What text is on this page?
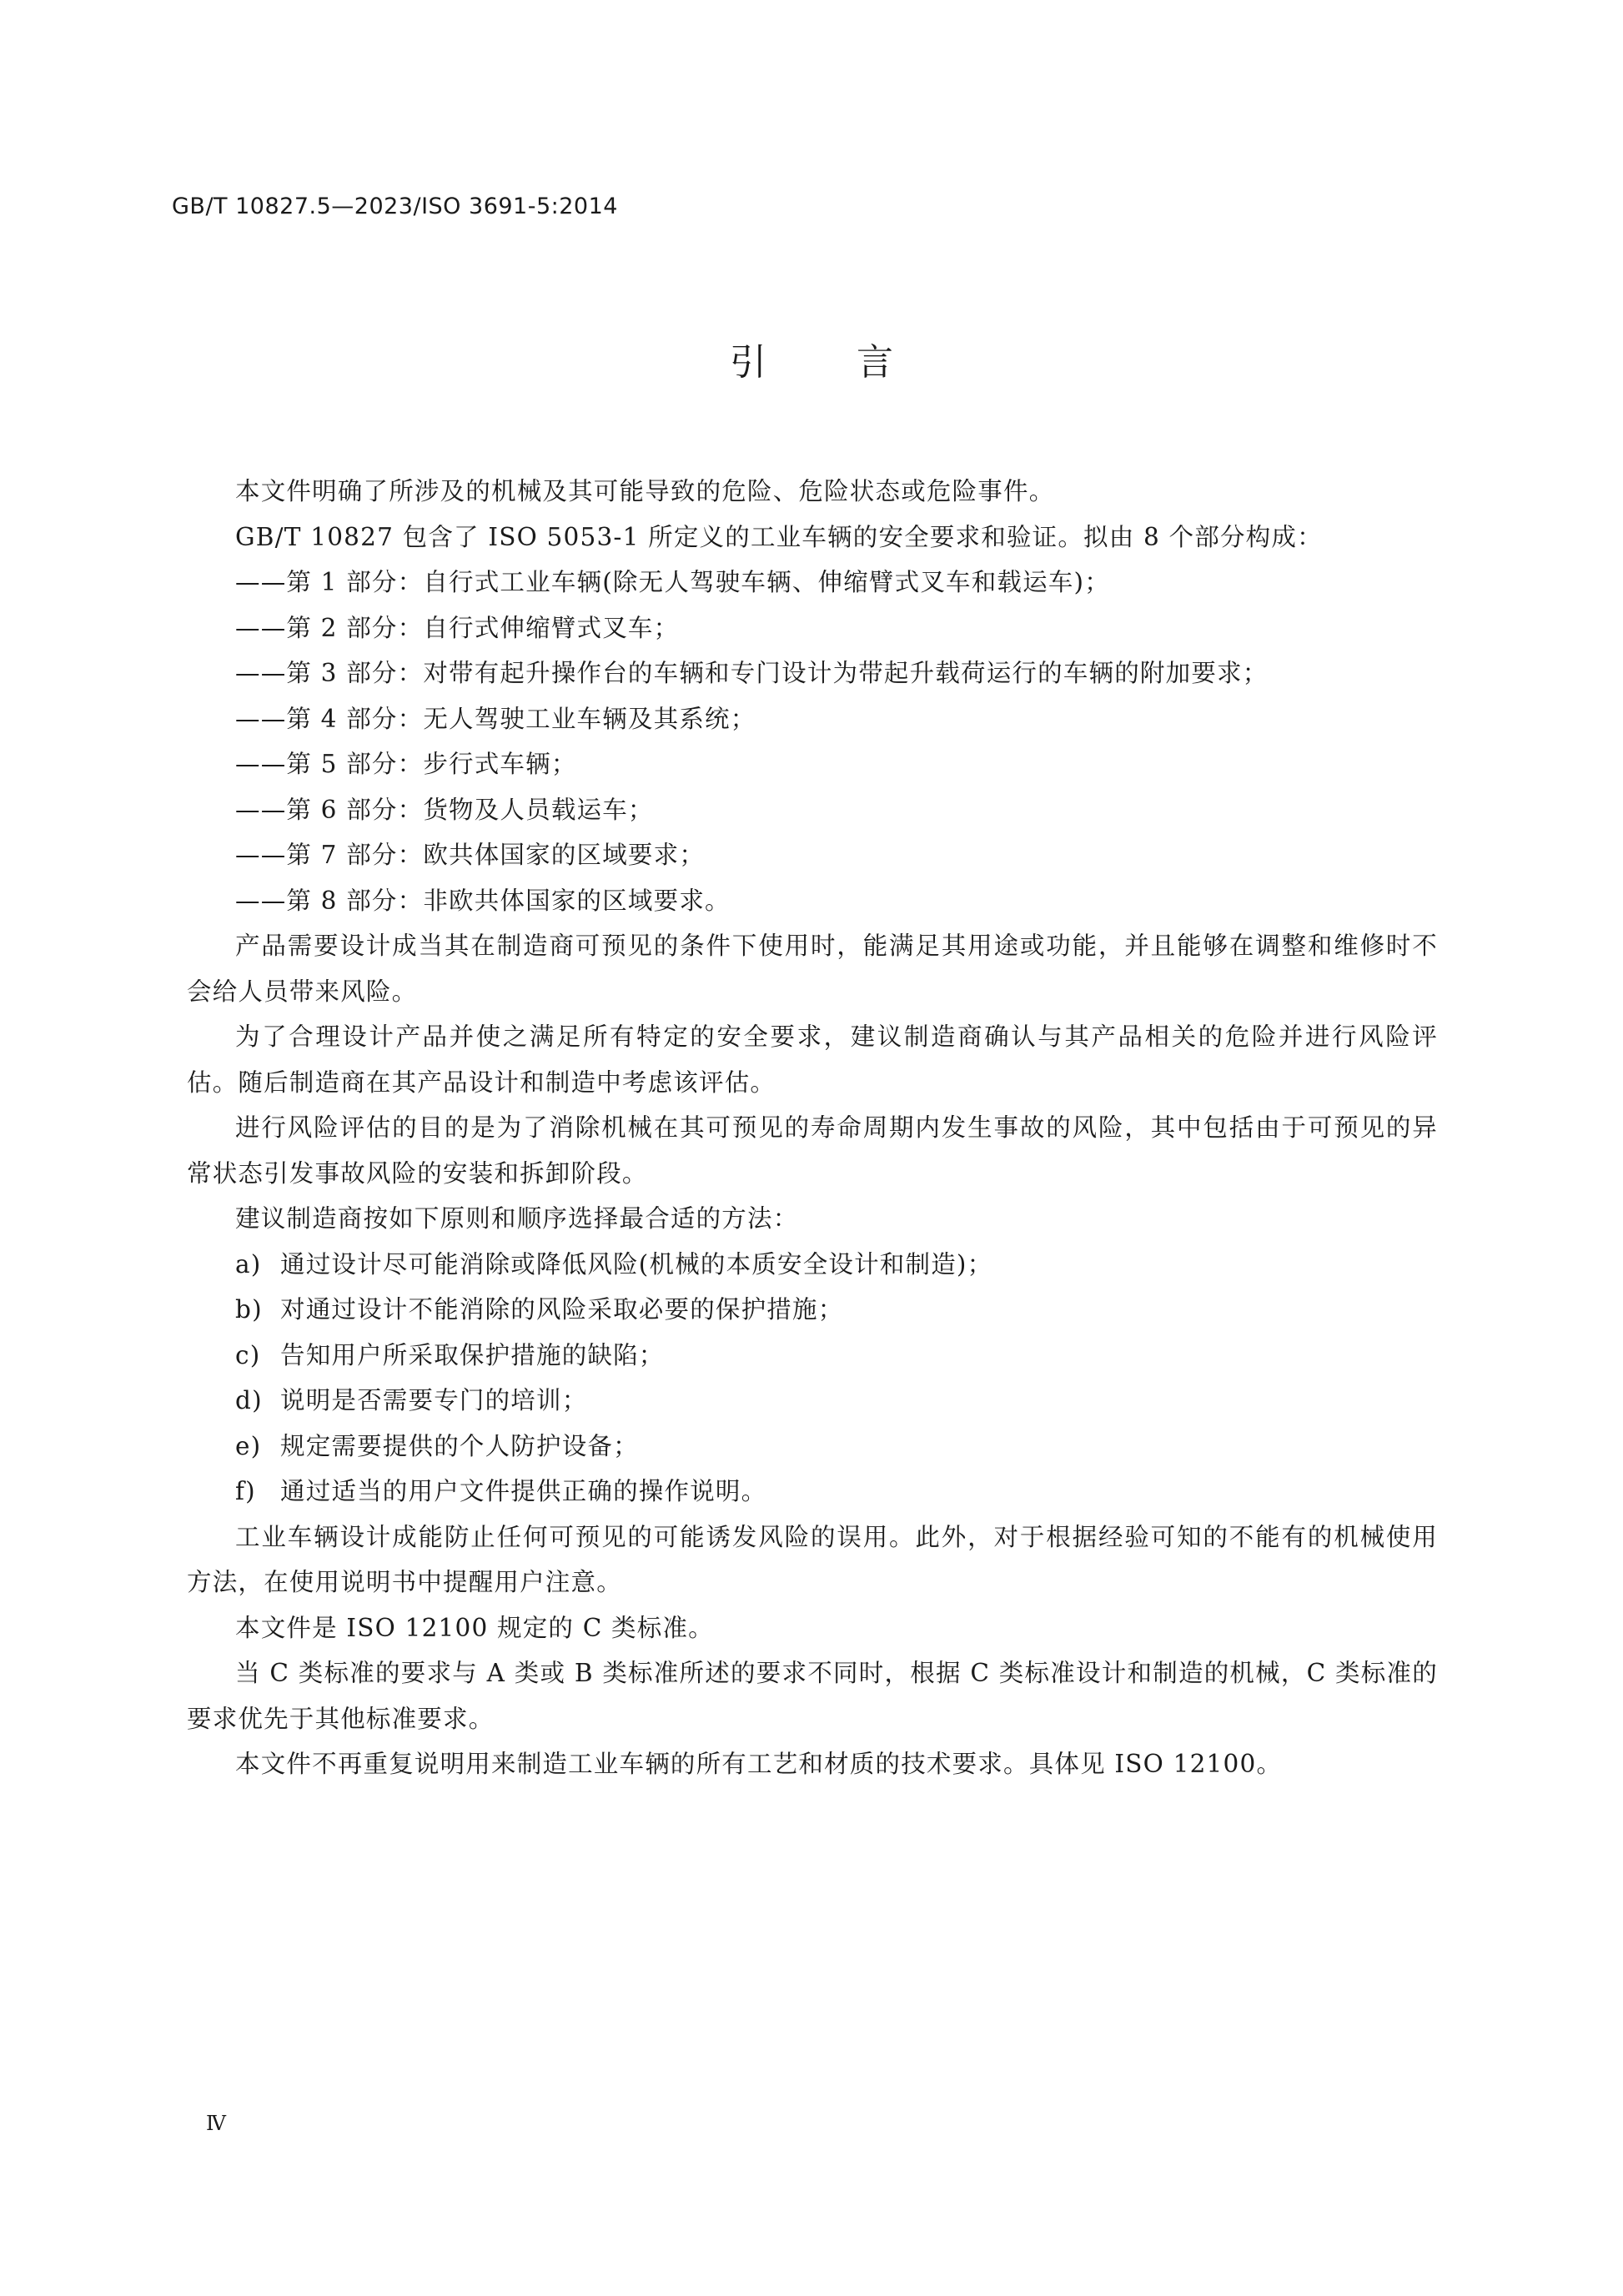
GB/T 10827.5—2023/ISO 3691-5:2014
引言

本文件明确了所涉及的机械及其可能导致的危险、危险状态或危险事件。

GB/T 10827 包含了 ISO 5053-1 所定义的工业车辆的安全要求和验证。拟由 8 个部分构成：

——第 1 部分：自行式工业车辆(除无人驾驶车辆、伸缩臂式叉车和载运车)；
——第 2 部分：自行式伸缩臂式叉车；
——第 3 部分：对带有起升操作台的车辆和专门设计为带起升载荷运行的车辆的附加要求；
——第 4 部分：无人驾驶工业车辆及其系统；
——第 5 部分：步行式车辆；
——第 6 部分：货物及人员载运车；
——第 7 部分：欧共体国家的区域要求；
——第 8 部分：非欧共体国家的区域要求。

产品需要设计成当其在制造商可预见的条件下使用时，能满足其用途或功能，并且能够在调整和维修时不会给人员带来风险。

为了合理设计产品并使之满足所有特定的安全要求，建议制造商确认与其产品相关的危险并进行风险评估。随后制造商在其产品设计和制造中考虑该评估。

进行风险评估的目的是为了消除机械在其可预见的寿命周期内发生事故的风险，其中包括由于可预见的异常状态引发事故风险的安装和拆卸阶段。

建议制造商按如下原则和顺序选择最合适的方法：

a) 通过设计尽可能消除或降低风险(机械的本质安全设计和制造)；
b) 对通过设计不能消除的风险采取必要的保护措施；
c) 告知用户所采取保护措施的缺陷；
d) 说明是否需要专门的培训；
e) 规定需要提供的个人防护设备；
f) 通过适当的用户文件提供正确的操作说明。

工业车辆设计成能防止任何可预见的可能诱发风险的误用。此外，对于根据经验可知的不能有的机械使用方法，在使用说明书中提醒用户注意。

本文件是 ISO 12100 规定的 C 类标准。

当 C 类标准的要求与 A 类或 B 类标准所述的要求不同时，根据 C 类标准设计和制造的机械，C 类标准的要求优先于其他标准要求。

本文件不再重复说明用来制造工业车辆的所有工艺和材质的技术要求。具体见 ISO 12100。

Ⅳ
